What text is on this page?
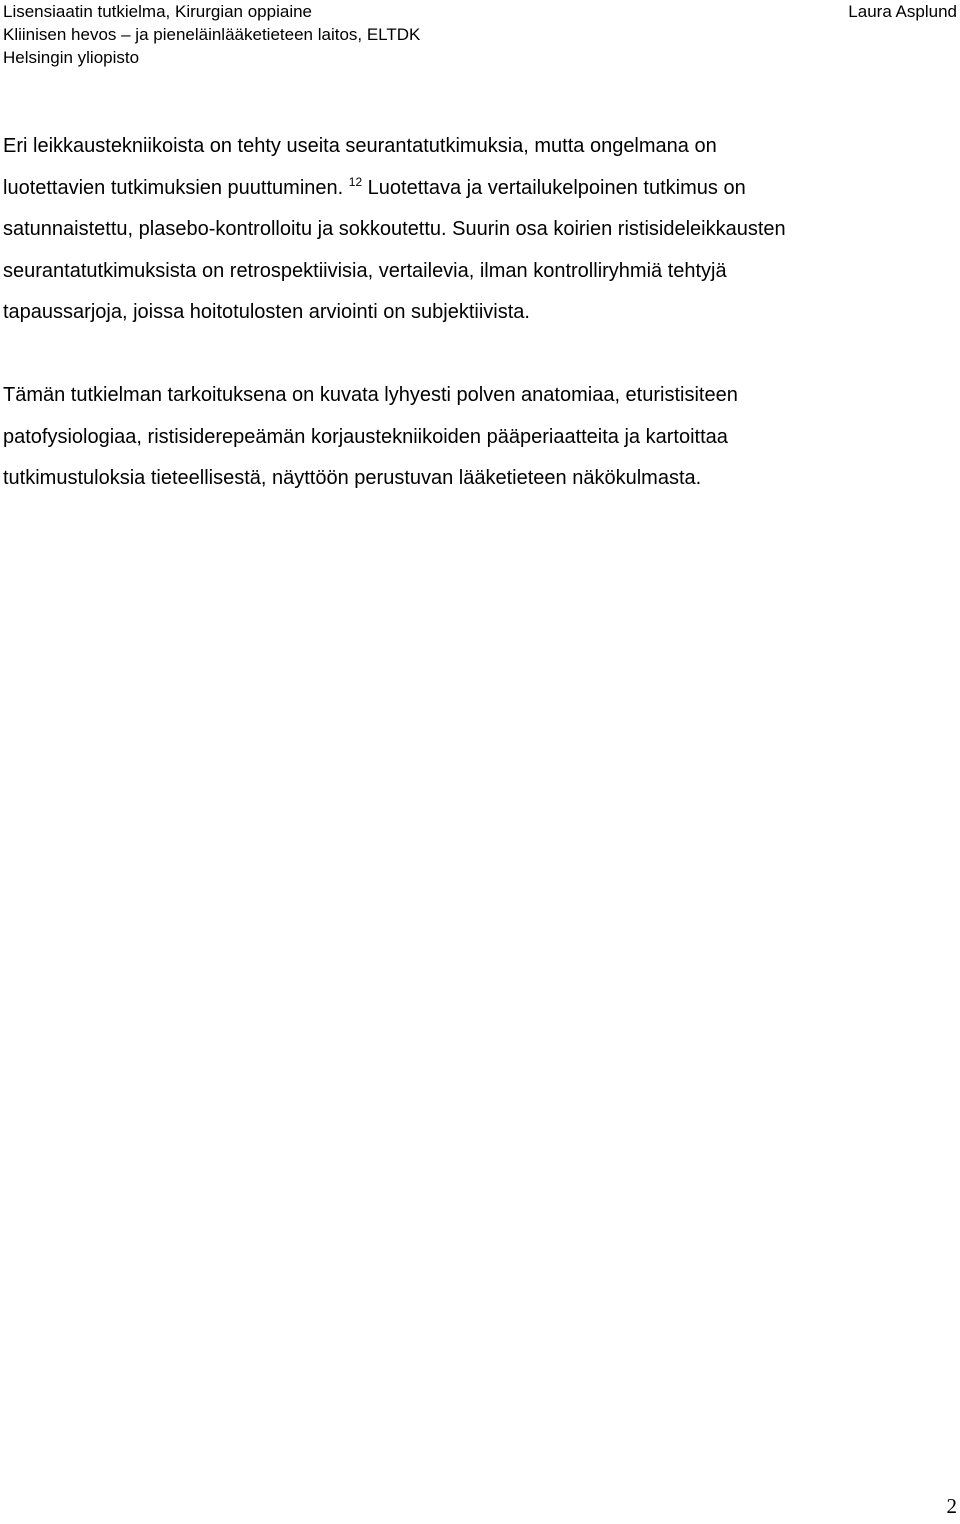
Lisensiaatin tutkielma, Kirurgian oppiaine
Kliinisen hevos – ja pieneläinlääketieteen laitos, ELTDK
Helsingin yliopisto
Laura Asplund

Eri leikkaustekniikoista on tehty useita seurantatutkimuksia, mutta ongelmana on
luotettavien tutkimuksien puuttuminen. $^{12}$ Luotettava ja vertailukelpoinen tutkimus on
satunnaistettu, plasebo-kontrolloitu ja sokkoutettu. Suurin osa koirien ristisideleikkausten
seurantatutkimuksista on retrospektiivisia, vertailevia, ilman kontrolliryhmiä tehtyjä
tapaussarjoja, joissa hoitotulosten arviointi on subjektiivista.

Tämän tutkielman tarkoituksena on kuvata lyhyesti polven anatomiaa, eturistisiteen
patofysiologiaa, ristisiderepeämän korjaustekniikoiden pääperiaatteita ja kartoittaa
tutkimustuloksia tieteellisestä, näyttöön perustuvan lääketieteen näkökulmasta.

2
